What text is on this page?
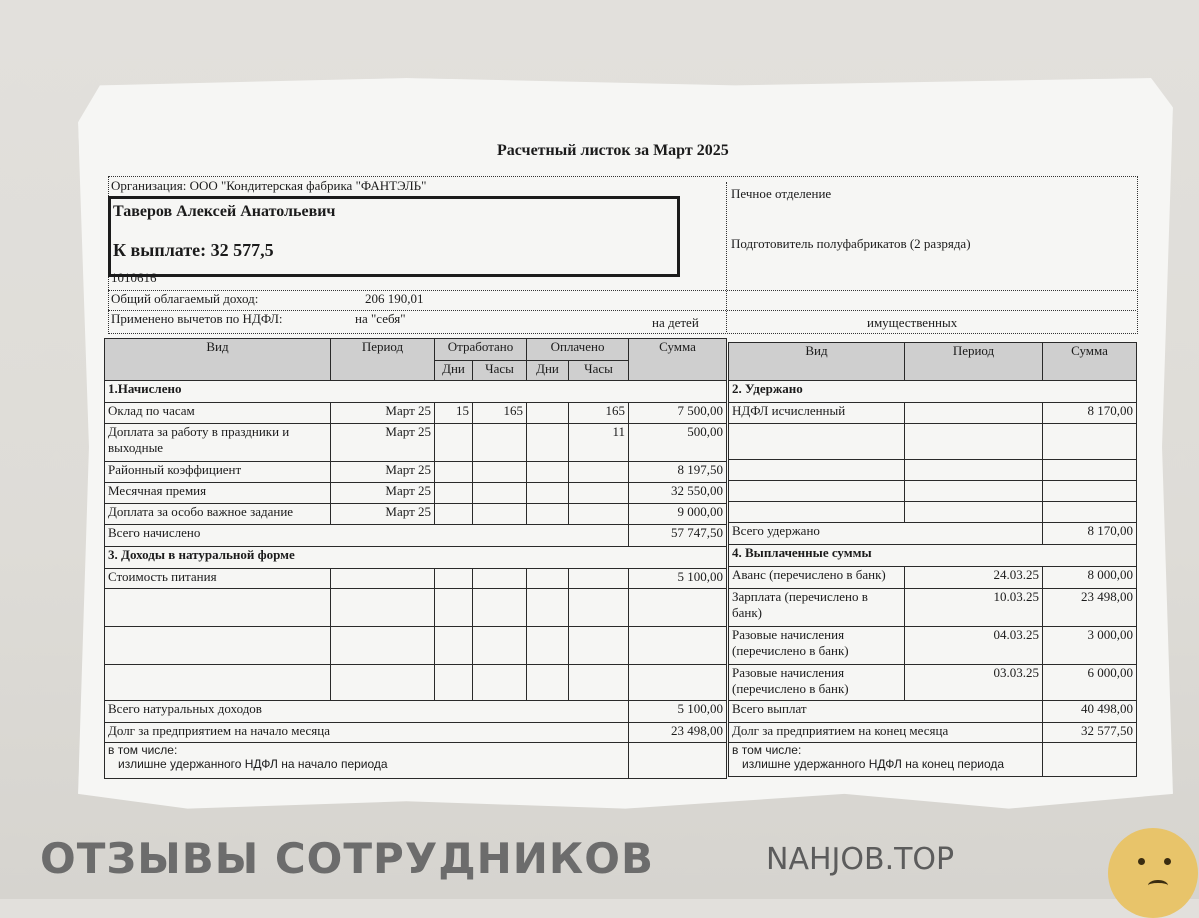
Расчетный листок за Март 2025
Организация: ООО "Кондитерская фабрика "ФАНТЭЛЬ"
Печное отделение
Подготовитель полуфабрикатов (2 разряда)
Таверов Алексей Анатольевич
К выплате: 32 577,5
1010616
Общий облагаемый доход:	206 190,01
Применено вычетов по НДФЛ:	на "себя"	на детей	имущественных
Вид	Период	Отработано		Оплачено		Сумма
		Дни	Часы	Дни	Часы	
1.Начислено						
Оклад по часам	Март 25	15	165		165	7 500,00
Доплата за работу в праздники и выходные	Март 25				11	500,00
Районный коэффициент	Март 25					8 197,50
Месячная премия	Март 25					32 550,00
Доплата за особо важное задание	Март 25					9 000,00
Всего начислено						57 747,50
3. Доходы в натуральной форме						
Стоимость питания						5 100,00

Всего натуральных доходов						5 100,00
Долг за предприятием на начало месяца						23 498,00

в том числе:
излишне удержанного НДФЛ на начало периода						

Вид	Период	Сумма
2. Удержано		
НДФЛ исчисленный		8 170,00

Всего удержано		8 170,00
4. Выплаченные суммы		
Аванс (перечислено в банк)	24.03.25	8 000,00
Зарплата (перечислено в банк)	10.03.25	23 498,00
Разовые начисления (перечислено в банк)	04.03.25	3 000,00
Разовые начисления (перечислено в банк)	03.03.25	6 000,00
Всего выплат		40 498,00
Долг за предприятием на конец месяца		32 577,50

в том числе:
излишне удержанного НДФЛ на конец периода		

ОТЗЫВЫ СОТРУДНИКОВ	NAHJOB.TOP
